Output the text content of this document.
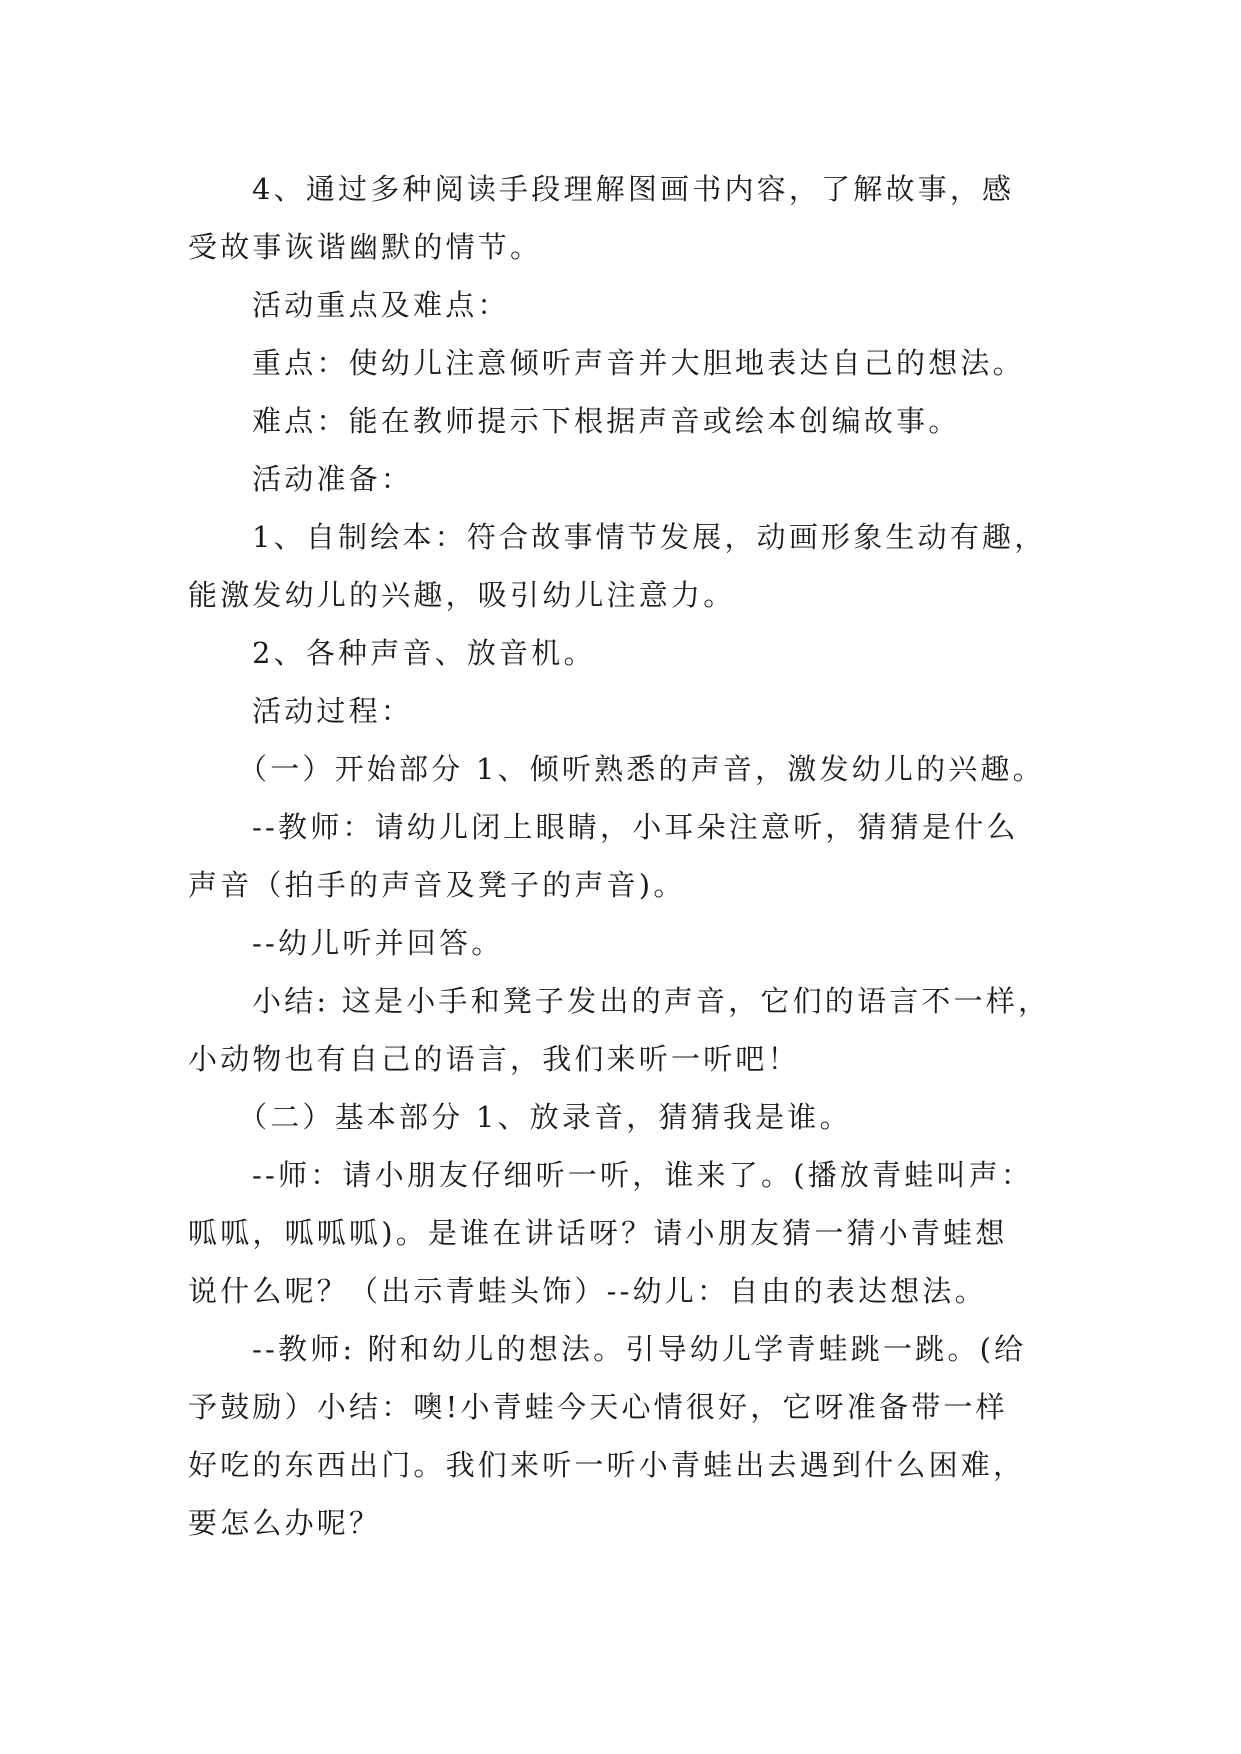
4、通过多种阅读手段理解图画书内容，了解故事，感
受故事诙谐幽默的情节。
活动重点及难点：
重点：使幼儿注意倾听声音并大胆地表达自己的想法。
难点：能在教师提示下根据声音或绘本创编故事。
活动准备：
1、自制绘本：符合故事情节发展，动画形象生动有趣，
能激发幼儿的兴趣，吸引幼儿注意力。
2、各种声音、放音机。
活动过程：
（一）开始部分 1、倾听熟悉的声音，激发幼儿的兴趣。
--教师：请幼儿闭上眼睛，小耳朵注意听，猜猜是什么
声音（拍手的声音及凳子的声音)。
--幼儿听并回答。
小结: 这是小手和凳子发出的声音，它们的语言不一样，
小动物也有自己的语言，我们来听一听吧！
（二）基本部分 1、放录音，猜猜我是谁。
--师：请小朋友仔细听一听，谁来了。(播放青蛙叫声：
呱呱，呱呱呱)。是谁在讲话呀？请小朋友猜一猜小青蛙想
说什么呢？（出示青蛙头饰）--幼儿：自由的表达想法。
--教师: 附和幼儿的想法。引导幼儿学青蛙跳一跳。(给
予鼓励）小结：噢!小青蛙今天心情很好，它呀准备带一样
好吃的东西出门。我们来听一听小青蛙出去遇到什么困难，
要怎么办呢？
